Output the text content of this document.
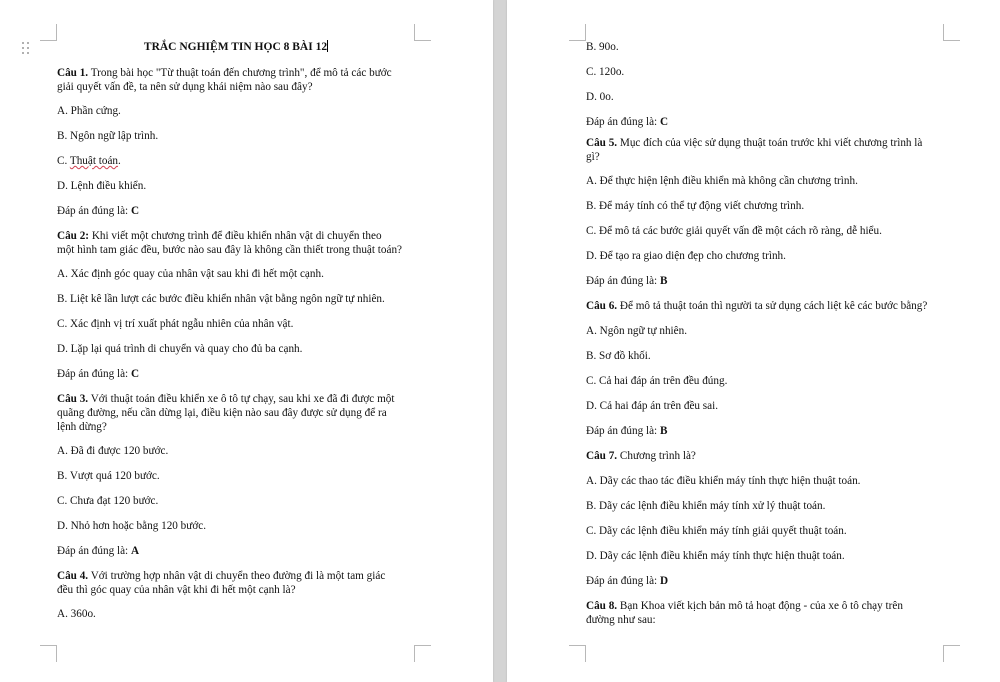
TRẮC NGHIỆM TIN HỌC 8 BÀI 12

Câu 1. Trong bài học "Từ thuật toán đến chương trình", để mô tả các bước
giải quyết vấn đề, ta nên sử dụng khái niệm nào sau đây?

A. Phần cứng.

B. Ngôn ngữ lập trình.

C. Thuật toán.

D. Lệnh điều khiển.

Đáp án đúng là: C

Câu 2: Khi viết một chương trình để điều khiển nhân vật di chuyển theo
một hình tam giác đều, bước nào sau đây là không cần thiết trong thuật toán?

A. Xác định góc quay của nhân vật sau khi đi hết một cạnh.

B. Liệt kê lần lượt các bước điều khiển nhân vật bằng ngôn ngữ tự nhiên.

C. Xác định vị trí xuất phát ngẫu nhiên của nhân vật.

D. Lặp lại quá trình di chuyển và quay cho đủ ba cạnh.

Đáp án đúng là: C

Câu 3. Với thuật toán điều khiển xe ô tô tự chạy, sau khi xe đã đi được một
quãng đường, nếu cần dừng lại, điều kiện nào sau đây được sử dụng để ra
lệnh dừng?

A. Đã đi được 120 bước.

B. Vượt quá 120 bước.

C. Chưa đạt 120 bước.

D. Nhỏ hơn hoặc bằng 120 bước.

Đáp án đúng là: A

Câu 4. Với trường hợp nhân vật di chuyển theo đường đi là một tam giác
đều thì góc quay của nhân vật khi đi hết một cạnh là?

A. 360o.

B. 90o.

C. 120o.

D. 0o.

Đáp án đúng là: C

Câu 5. Mục đích của việc sử dụng thuật toán trước khi viết chương trình là
gì?

A. Để thực hiện lệnh điều khiển mà không cần chương trình.

B. Để máy tính có thể tự động viết chương trình.

C. Để mô tả các bước giải quyết vấn đề một cách rõ ràng, dễ hiểu.

D. Để tạo ra giao diện đẹp cho chương trình.

Đáp án đúng là: B

Câu 6. Để mô tả thuật toán thì người ta sử dụng cách liệt kê các bước bằng?

A. Ngôn ngữ tự nhiên.

B. Sơ đồ khối.

C. Cả hai đáp án trên đều đúng.

D. Cả hai đáp án trên đều sai.

Đáp án đúng là: B

Câu 7. Chương trình là?

A. Dãy các thao tác điều khiển máy tính thực hiện thuật toán.

B. Dãy các lệnh điều khiển máy tính xử lý thuật toán.

C. Dãy các lệnh điều khiển máy tính giải quyết thuật toán.

D. Dãy các lệnh điều khiển máy tính thực hiện thuật toán.

Đáp án đúng là: D

Câu 8. Bạn Khoa viết kịch bản mô tả hoạt động - của xe ô tô chạy trên
đường như sau:
